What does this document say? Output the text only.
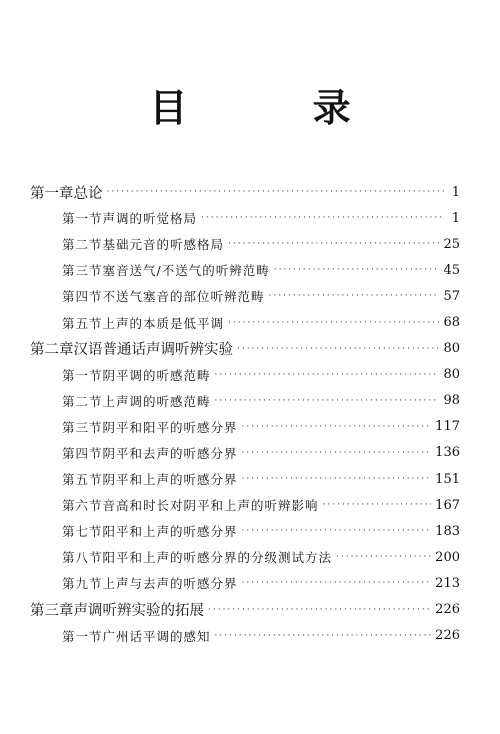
目 录
第一章 总论 ·····	1
第一节 声调的听觉格局 ·····	1
第二节 基础元音的听感格局 ·····	25
第三节 塞音送气/不送气的听辨范畴 ·····	45
第四节 不送气塞音的部位听辨范畴 ·····	57
第五节 上声的本质是低平调 ·····	68
第二章 汉语普通话声调听辨实验 ·····	80
第一节 阴平调的听感范畴 ·····	80
第二节 上声调的听感范畴 ·····	98
第三节 阴平和阳平的听感分界 ·····	117
第四节 阴平和去声的听感分界 ·····	136
第五节 阴平和上声的听感分界 ·····	151
第六节 音高和时长对阴平和上声的听辨影响 ·····	167
第七节 阳平和上声的听感分界 ·····	183
第八节 阳平和上声的听感分界的分级测试方法 ·····	200
第九节 上声与去声的听感分界 ·····	213
第三章 声调听辨实验的拓展 ·····	226
第一节 广州话平调的感知 ·····	226
